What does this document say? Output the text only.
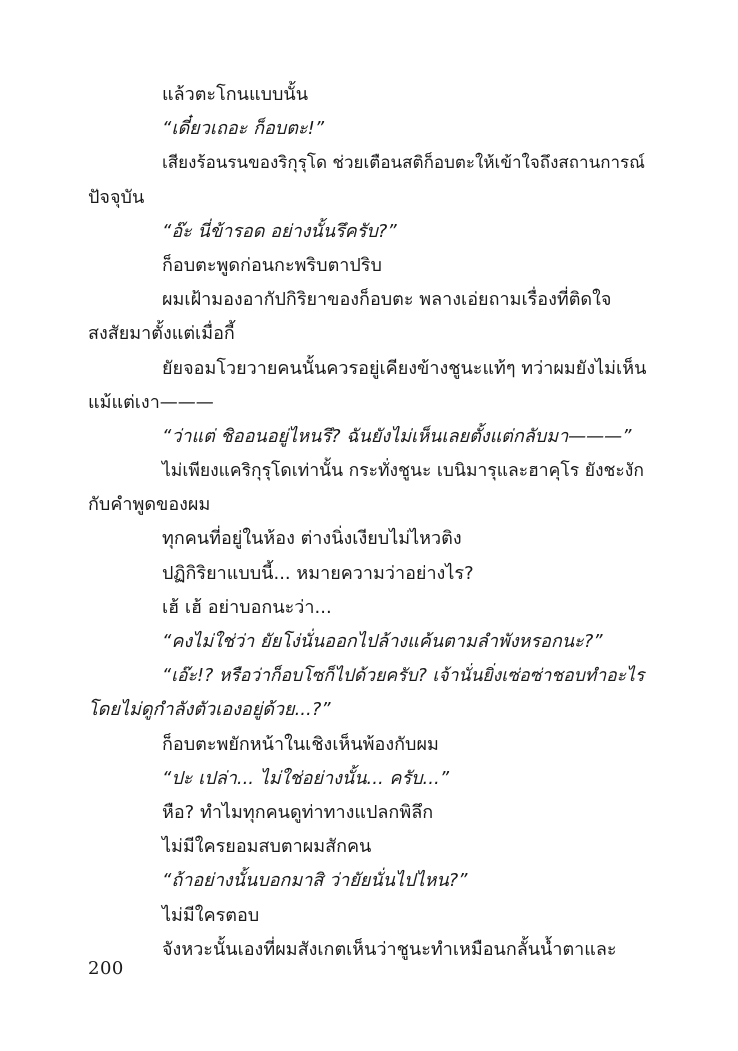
แล้วตะโกนแบบนั้น
“เดี๋ยวเถอะ ก็อบตะ!”
เสียงร้อนรนของริกุรุโด ช่วยเตือนสติก็อบตะให้เข้าใจถึงสถานการณ์
ปัจจุบัน
“อ๊ะ นี่ข้ารอด อย่างนั้นรึครับ?”
ก็อบตะพูดก่อนกะพริบตาปริบ
ผมเฝ้ามองอากัปกิริยาของก็อบตะ พลางเอ่ยถามเรื่องที่ติดใจ
สงสัยมาตั้งแต่เมื่อกี้
ยัยจอมโวยวายคนนั้นควรอยู่เคียงข้างชูนะแท้ๆ ทว่าผมยังไม่เห็น
แม้แต่เงา———
“ว่าแต่ ชิออนอยู่ไหนรึ? ฉันยังไม่เห็นเลยตั้งแต่กลับมา———”
ไม่เพียงแคริกุรุโดเท่านั้น กระทั่งชูนะ เบนิมารุและฮาคุโร ยังชะงัก
กับคำพูดของผม
ทุกคนที่อยู่ในห้อง ต่างนิ่งเงียบไม่ไหวติง
ปฏิกิริยาแบบนี้... หมายความว่าอย่างไร?
เฮ้ เฮ้ อย่าบอกนะว่า...
“คงไม่ใช่ว่า ยัยโง่นั่นออกไปล้างแค้นตามลำพังหรอกนะ?”
“เอ๊ะ!? หรือว่าก็อบโซก็ไปด้วยครับ? เจ้านั่นยิ่งเซ่อซ่าชอบทำอะไร
โดยไม่ดูกำลังตัวเองอยู่ด้วย...?”
ก็อบตะพยักหน้าในเชิงเห็นพ้องกับผม
“ปะ เปล่า... ไม่ใช่อย่างนั้น... ครับ...”
หือ? ทำไมทุกคนดูท่าทางแปลกพิลึก
ไม่มีใครยอมสบตาผมสักคน
“ถ้าอย่างนั้นบอกมาสิ ว่ายัยนั่นไปไหน?”
ไม่มีใครตอบ
จังหวะนั้นเองที่ผมสังเกตเห็นว่าชูนะทำเหมือนกลั้นน้ำตาและ
200
